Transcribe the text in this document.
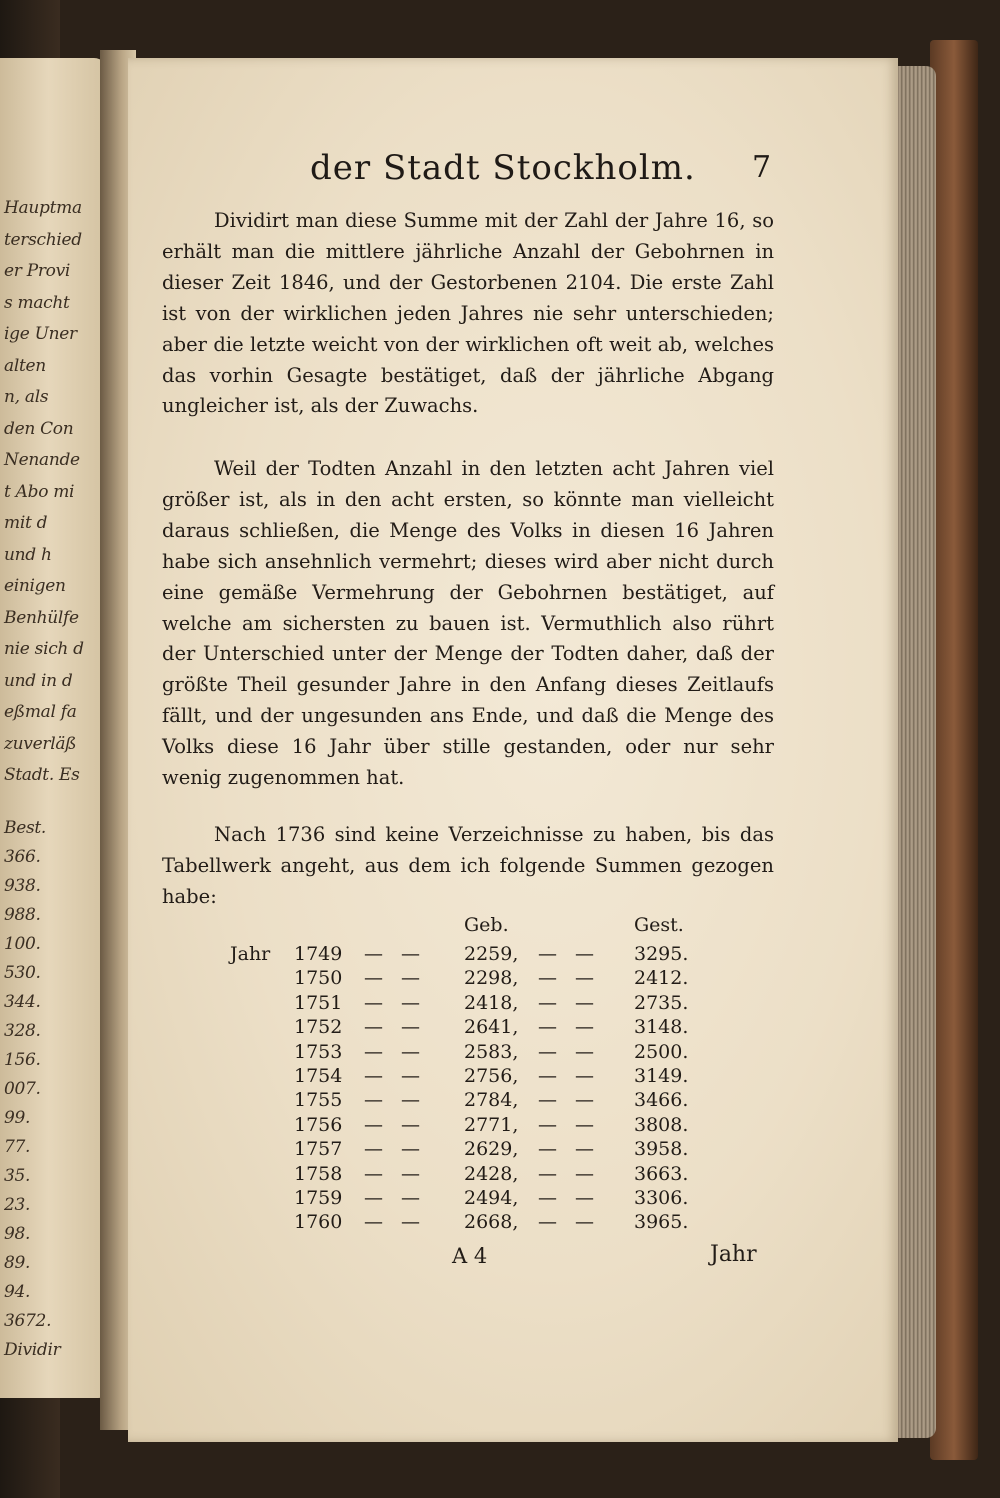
Hauptma
terschied
er Provi
s macht
ige Uner
alten
n, als
den Con
Nenande
t Abo mi
mit d
und h
einigen
Benhülfe
nie sich d
und in d
eßmal fa
zuverläß
Stadt. Es
Best.
366.
938.
988.
100.
530.
344.
328.
156.
007.
99.
77.
35.
23.
98.
89.
94.
3672.
Dividir
der Stadt Stockholm. 7

Dividirt man diese Summe mit der Zahl der Jahre 16, so erhält man die mittlere jährliche Anzahl der Gebohrnen in dieser Zeit 1846, und der Gestorbenen 2104. Die erste Zahl ist von der wirklichen jeden Jahres nie sehr unterschieden; aber die letzte weicht von der wirklichen oft weit ab, welches das vorhin Gesagte bestätiget, daß der jährliche Abgang ungleicher ist, als der Zuwachs.

Weil der Todten Anzahl in den letzten acht Jahren viel größer ist, als in den acht ersten, so könnte man vielleicht daraus schließen, die Menge des Volks in diesen 16 Jahren habe sich ansehnlich vermehrt; dieses wird aber nicht durch eine gemäße Vermehrung der Gebohrnen bestätiget, auf welche am sichersten zu bauen ist. Vermuthlich also rührt der Unterschied unter der Menge der Todten daher, daß der größte Theil gesunder Jahre in den Anfang dieses Zeitlaufs fällt, und der ungesunden ans Ende, und daß die Menge des Volks diese 16 Jahr über stille gestanden, oder nur sehr wenig zugenommen hat.

Nach 1736 sind keine Verzeichnisse zu haben, bis das Tabellwerk angeht, aus dem ich folgende Summen gezogen habe:

Geb.	Gest.
Jahr 1749 — — 2259, — — 3295.
1750 — — 2298, — — 2412.
1751 — — 2418, — — 2735.
1752 — — 2641, — — 3148.
1753 — — 2583, — — 2500.
1754 — — 2756, — — 3149.
1755 — — 2784, — — 3466.
1756 — — 2771, — — 3808.
1757 — — 2629, — — 3958.
1758 — — 2428, — — 3663.
1759 — — 2494, — — 3306.
1760 — — 2668, — — 3965.
A 4	Jahr
